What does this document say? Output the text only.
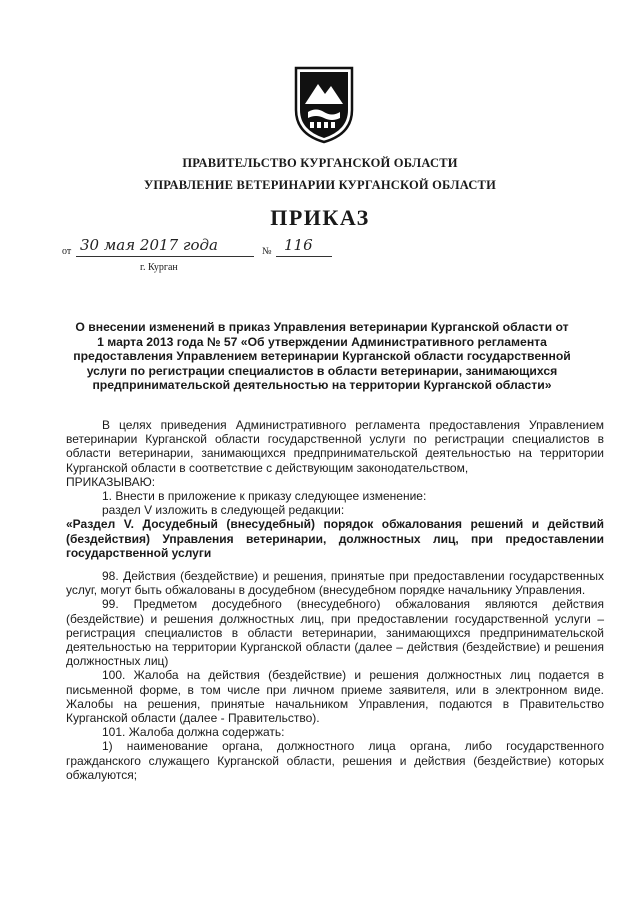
ПРАВИТЕЛЬСТВО КУРГАНСКОЙ ОБЛАСТИ
УПРАВЛЕНИЕ ВЕТЕРИНАРИИ КУРГАНСКОЙ ОБЛАСТИ
ПРИКАЗ
от 30 мая 2017 года	№ 116
г. Курган
О внесении изменений в приказ Управления ветеринарии Курганской области от 1 марта 2013 года № 57 «Об утверждении Административного регламента предоставления Управлением ветеринарии Курганской области государственной услуги по регистрации специалистов в области ветеринарии, занимающихся предпринимательской деятельностью на территории Курганской области»

В целях приведения Административного регламента предоставления Управлением ветеринарии Курганской области государственной услуги по регистрации специалистов в области ветеринарии, занимающихся предпринимательской деятельностью на территории Курганской области в соответствие с действующим законодательством,

ПРИКАЗЫВАЮ:

1. Внести в приложение к приказу следующее изменение:

раздел V изложить в следующей редакции:

«Раздел V. Досудебный (внесудебный) порядок обжалования решений и действий (бездействия) Управления ветеринарии, должностных лиц, при предоставлении государственной услуги

98. Действия (бездействие) и решения, принятые при предоставлении государственных услуг, могут быть обжалованы в досудебном (внесудебном порядке начальнику Управления.

99. Предметом досудебного (внесудебного) обжалования являются действия (бездействие) и решения должностных лиц, при предоставлении государственной услуги – регистрация специалистов в области ветеринарии, занимающихся предпринимательской деятельностью на территории Курганской области (далее – действия (бездействие) и решения должностных лиц)

100. Жалоба на действия (бездействие) и решения должностных лиц подается в письменной форме, в том числе при личном приеме заявителя, или в электронном виде. Жалобы на решения, принятые начальником Управления, подаются в Правительство Курганской области (далее - Правительство).

101. Жалоба должна содержать:

1) наименование органа, должностного лица органа, либо государственного гражданского служащего Курганской области, решения и действия (бездействие) которых обжалуются;
